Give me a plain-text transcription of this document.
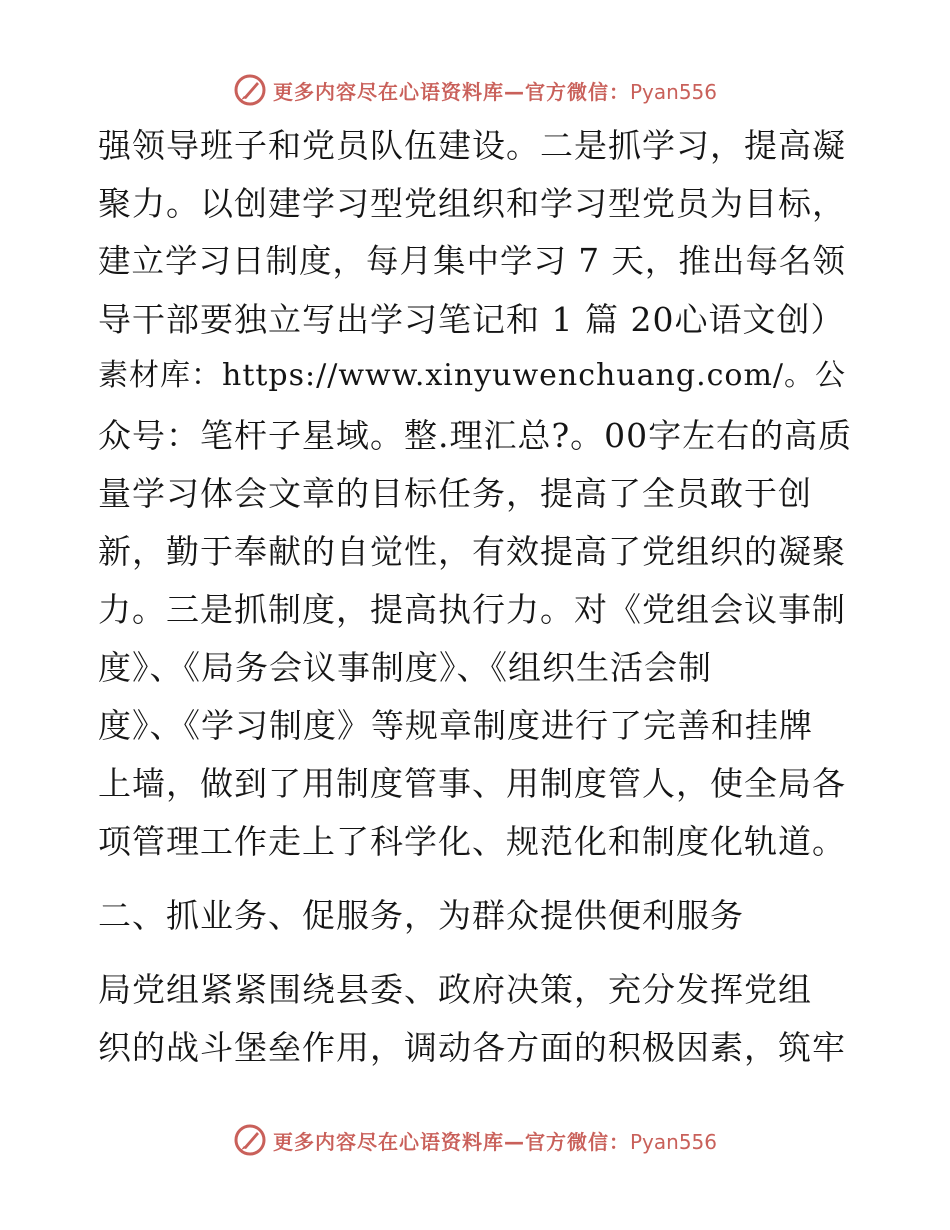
更多内容尽在心语资料库—官方微信：Pyan556
强领导班子和党员队伍建设。二是抓学习，提高凝
聚力。以创建学习型党组织和学习型党员为目标，
建立学习日制度，每月集中学习 7 天，推出每名领
导干部要独立写出学习笔记和 1 篇 20心语文创）
素材库：https://www.xinyuwenchuang.com/。公
众号：笔杆子星域。整.理汇总?。00字左右的高质
量学习体会文章的目标任务，提高了全员敢于创
新，勤于奉献的自觉性，有效提高了党组织的凝聚
力。三是抓制度，提高执行力。对《党组会议事制
度》、《局务会议事制度》、《组织生活会制
度》、《学习制度》等规章制度进行了完善和挂牌
上墙，做到了用制度管事、用制度管人，使全局各
项管理工作走上了科学化、规范化和制度化轨道。
二、抓业务、促服务，为群众提供便利服务
局党组紧紧围绕县委、政府决策，充分发挥党组
织的战斗堡垒作用，调动各方面的积极因素，筑牢
更多内容尽在心语资料库—官方微信：Pyan556
